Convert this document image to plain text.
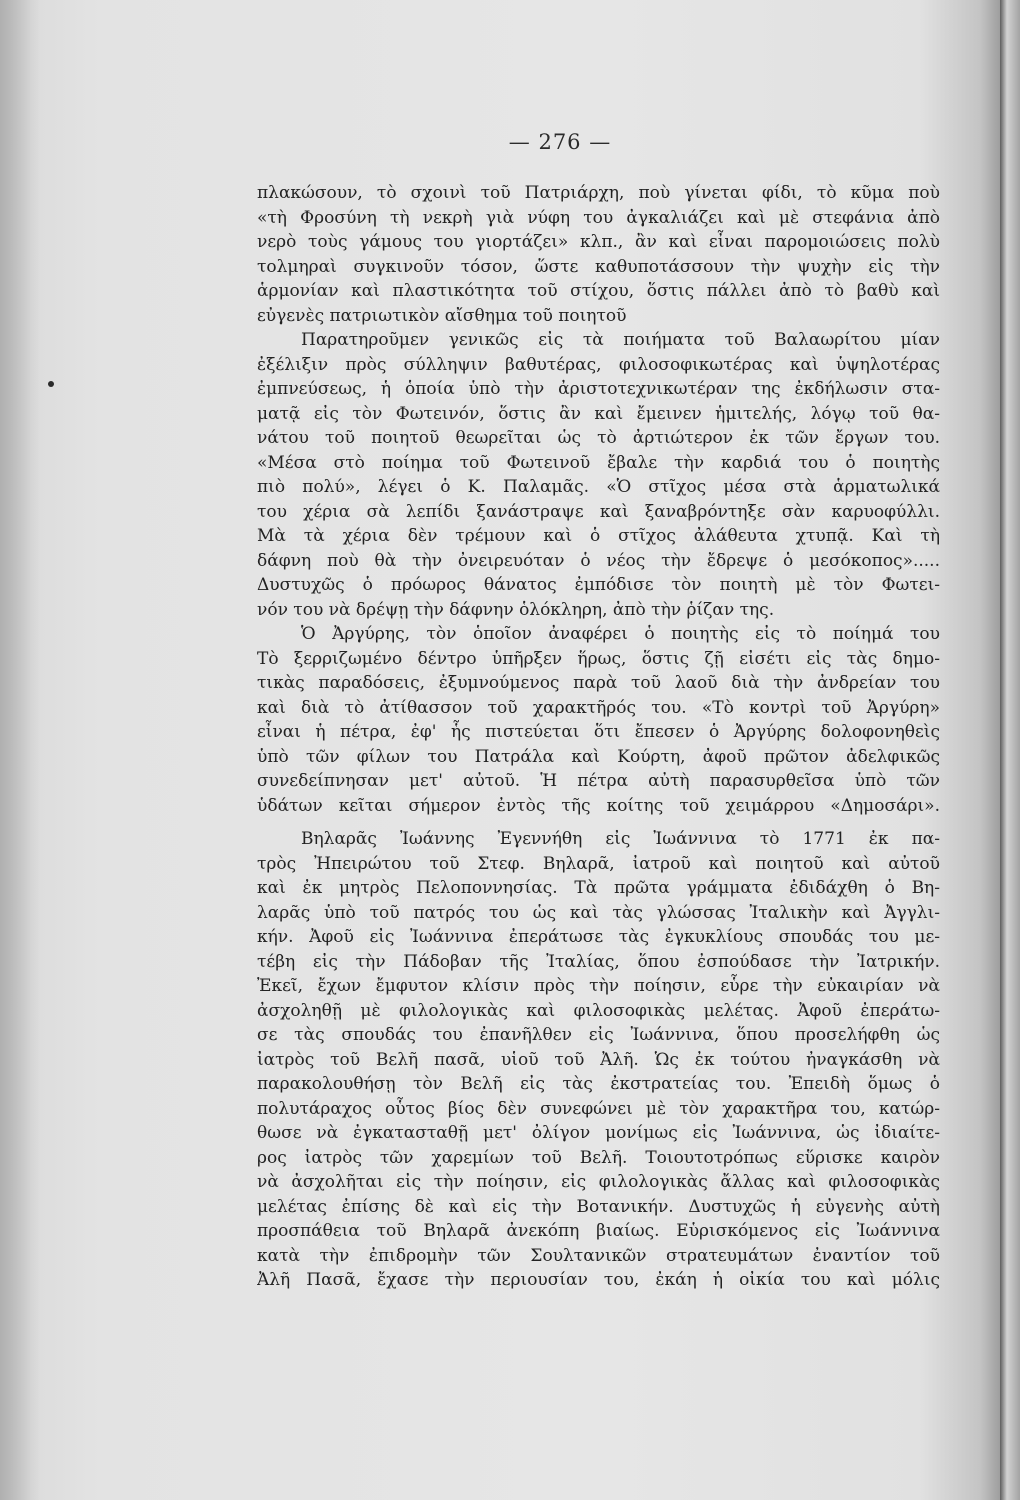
— 276 —
πλακώσουν, τὸ σχοινὶ τοῦ Πατριάρχη, ποὺ γίνεται φίδι, τὸ κῦμα ποὺ
«τὴ Φροσύνη τὴ νεκρὴ γιὰ νύφη του ἀγκαλιάζει καὶ μὲ στεφάνια ἀπὸ
νερὸ τοὺς γάμους του γιορτάζει» κλπ., ἂν καὶ εἶναι παρομοιώσεις πολὺ
τολμηραὶ συγκινοῦν τόσον, ὥστε καθυποτάσσουν τὴν ψυχὴν εἰς τὴν
ἁρμονίαν καὶ πλαστικότητα τοῦ στίχου, ὅστις πάλλει ἀπὸ τὸ βαθὺ καὶ
εὐγενὲς πατριωτικὸν αἴσθημα τοῦ ποιητοῦ
Παρατηροῦμεν γενικῶς εἰς τὰ ποιήματα τοῦ Βαλαωρίτου μίαν
ἐξέλιξιν πρὸς σύλληψιν βαθυτέρας, φιλοσοφικωτέρας καὶ ὑψηλοτέρας
ἐμπνεύσεως, ἡ ὁποία ὑπὸ τὴν ἀριστοτεχνικωτέραν της ἐκδήλωσιν στα-
ματᾷ εἰς τὸν Φωτεινόν, ὅστις ἂν καὶ ἔμεινεν ἡμιτελής, λόγῳ τοῦ θα-
νάτου τοῦ ποιητοῦ θεωρεῖται ὡς τὸ ἀρτιώτερον ἐκ τῶν ἔργων του.
«Μέσα στὸ ποίημα τοῦ Φωτεινοῦ ἔβαλε τὴν καρδιά του ὁ ποιητὴς
πιὸ πολύ», λέγει ὁ Κ. Παλαμᾶς. «Ὁ στῖχος μέσα στὰ ἁρματωλικά
του χέρια σὰ λεπίδι ξανάστραψε καὶ ξαναβρόντηξε σὰν καρυοφύλλι.
Μὰ τὰ χέρια δὲν τρέμουν καὶ ὁ στῖχος ἀλάθευτα χτυπᾷ. Καὶ τὴ
δάφνη ποὺ θὰ τὴν ὀνειρευόταν ὁ νέος τὴν ἔδρεψε ὁ μεσόκοπος».....
Δυστυχῶς ὁ πρόωρος θάνατος ἐμπόδισε τὸν ποιητὴ μὲ τὸν Φωτει-
νόν του νὰ δρέψῃ τὴν δάφνην ὁλόκληρη, ἀπὸ τὴν ῥίζαν της.
Ὁ Ἀργύρης, τὸν ὁποῖον ἀναφέρει ὁ ποιητὴς εἰς τὸ ποίημά του
Τὸ ξερριζωμένο δέντρο ὑπῆρξεν ἥρως, ὅστις ζῇ εἰσέτι εἰς τὰς δημο-
τικὰς παραδόσεις, ἐξυμνούμενος παρὰ τοῦ λαοῦ διὰ τὴν ἀνδρείαν του
καὶ διὰ τὸ ἀτίθασσον τοῦ χαρακτῆρός του. «Τὸ κοντρὶ τοῦ Ἀργύρη»
εἶναι ἡ πέτρα, ἐφ' ἧς πιστεύεται ὅτι ἔπεσεν ὁ Ἀργύρης δολοφονηθεὶς
ὑπὸ τῶν φίλων του Πατράλα καὶ Κούρτη, ἀφοῦ πρῶτον ἀδελφικῶς
συνεδείπνησαν μετ' αὐτοῦ. Ἡ πέτρα αὐτὴ παρασυρθεῖσα ὑπὸ τῶν
ὑδάτων κεῖται σήμερον ἐντὸς τῆς κοίτης τοῦ χειμάρρου «Δημοσάρι».
Βηλαρᾶς Ἰωάννης Ἐγεννήθη εἰς Ἰωάννινα τὸ 1771 ἐκ πα-
τρὸς Ἠπειρώτου τοῦ Στεφ. Βηλαρᾶ, ἰατροῦ καὶ ποιητοῦ καὶ αὐτοῦ
καὶ ἐκ μητρὸς Πελοποννησίας. Τὰ πρῶτα γράμματα ἐδιδάχθη ὁ Βη-
λαρᾶς ὑπὸ τοῦ πατρός του ὡς καὶ τὰς γλώσσας Ἰταλικὴν καὶ Ἀγγλι-
κήν. Ἀφοῦ εἰς Ἰωάννινα ἐπεράτωσε τὰς ἐγκυκλίους σπουδάς του με-
τέβη εἰς τὴν Πάδοβαν τῆς Ἰταλίας, ὅπου ἐσπούδασε τὴν Ἰατρικήν.
Ἐκεῖ, ἔχων ἔμφυτον κλίσιν πρὸς τὴν ποίησιν, εὗρε τὴν εὐκαιρίαν νὰ
ἀσχοληθῇ μὲ φιλολογικὰς καὶ φιλοσοφικὰς μελέτας. Ἀφοῦ ἐπεράτω-
σε τὰς σπουδάς του ἐπανῆλθεν εἰς Ἰωάννινα, ὅπου προσελήφθη ὡς
ἰατρὸς τοῦ Βελῆ πασᾶ, υἱοῦ τοῦ Ἀλῆ. Ὡς ἐκ τούτου ἠναγκάσθη νὰ
παρακολουθήσῃ τὸν Βελῆ εἰς τὰς ἐκστρατείας του. Ἐπειδὴ ὅμως ὁ
πολυτάραχος οὗτος βίος δὲν συνεφώνει μὲ τὸν χαρακτῆρα του, κατώρ-
θωσε νὰ ἐγκατασταθῇ μετ' ὀλίγον μονίμως εἰς Ἰωάννινα, ὡς ἰδιαίτε-
ρος ἰατρὸς τῶν χαρεμίων τοῦ Βελῆ. Τοιουτοτρόπως εὕρισκε καιρὸν
νὰ ἀσχολῆται εἰς τὴν ποίησιν, εἰς φιλολογικὰς ἄλλας καὶ φιλοσοφικὰς
μελέτας ἐπίσης δὲ καὶ εἰς τὴν Βοτανικήν. Δυστυχῶς ἡ εὐγενὴς αὐτὴ
προσπάθεια τοῦ Βηλαρᾶ ἀνεκόπη βιαίως. Εὑρισκόμενος εἰς Ἰωάννινα
κατὰ τὴν ἐπιδρομὴν τῶν Σουλτανικῶν στρατευμάτων ἐναντίον τοῦ
Ἀλῆ Πασᾶ, ἔχασε τὴν περιουσίαν του, ἐκάη ἡ οἰκία του καὶ μόλις
